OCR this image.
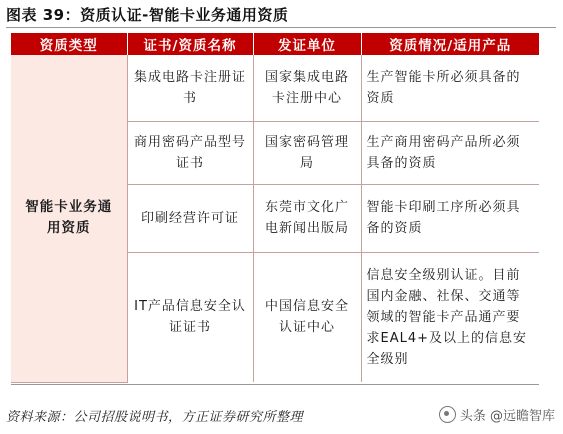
图表 39：资质认证-智能卡业务通用资质
资质类型	证书/资质名称	发证单位	资质情况/适用产品
智能卡业务通用资质	集成电路卡注册证书	国家集成电路卡注册中心	生产智能卡所必须具备的资质
	商用密码产品型号证书	国家密码管理局	生产商用密码产品所必须具备的资质
	印刷经营许可证	东莞市文化广电新闻出版局	智能卡印刷工序所必须具备的资质
	IT产品信息安全认证证书	中国信息安全认证中心	信息安全级别认证。目前国内金融、社保、交通等领域的智能卡产品通产要求EAL4+及以上的信息安全级别
资料来源：公司招股说明书，方正证券研究所整理	头条 @远瞻智库
